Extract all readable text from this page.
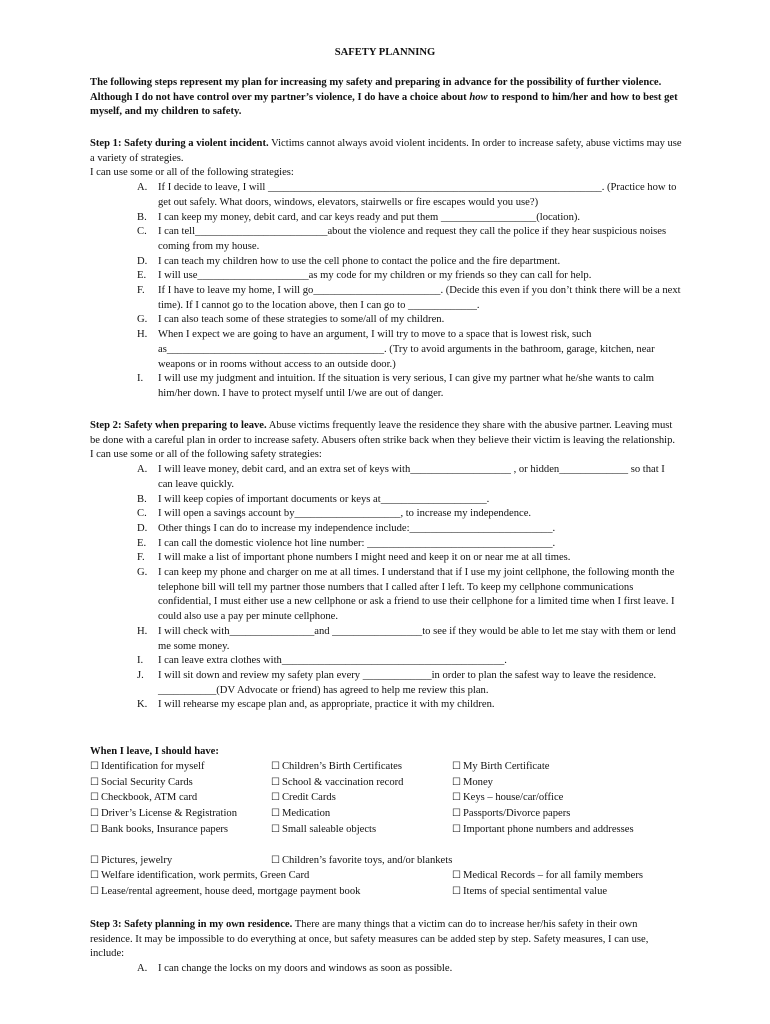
SAFETY PLANNING
The following steps represent my plan for increasing my safety and preparing in advance for the possibility of further violence. Although I do not have control over my partner’s violence, I do have a choice about how to respond to him/her and how to best get myself, and my children to safety.

Step 1: Safety during a violent incident. Victims cannot always avoid violent incidents. In order to increase safety, abuse victims may use a variety of strategies.

I can use some or all of the following strategies:

A. If I decide to leave, I will _______________________________________________________________. (Practice how to get out safely. What doors, windows, elevators, stairwells or fire escapes would you use?)
B. I can keep my money, debit card, and car keys ready and put them __________________(location).
C. I can tell_________________________about the violence and request they call the police if they hear suspicious noises coming from my house.
D. I can teach my children how to use the cell phone to contact the police and the fire department.
E. I will use_____________________as my code for my children or my friends so they can call for help.
F. If I have to leave my home, I will go________________________. (Decide this even if you don’t think there will be a next time). If I cannot go to the location above, then I can go to _____________.
G. I can also teach some of these strategies to some/all of my children.
H. When I expect we are going to have an argument, I will try to move to a space that is lowest risk, such as_________________________________________. (Try to avoid arguments in the bathroom, garage, kitchen, near weapons or in rooms without access to an outside door.)
I. I will use my judgment and intuition. If the situation is very serious, I can give my partner what he/she wants to calm him/her down. I have to protect myself until I/we are out of danger.

Step 2: Safety when preparing to leave. Abuse victims frequently leave the residence they share with the abusive partner. Leaving must be done with a careful plan in order to increase safety. Abusers often strike back when they believe their victim is leaving the relationship.

I can use some or all of the following safety strategies:

A. I will leave money, debit card, and an extra set of keys with___________________ , or hidden_____________ so that I can leave quickly.
B. I will keep copies of important documents or keys at____________________.
C. I will open a savings account by____________________, to increase my independence.
D. Other things I can do to increase my independence include:___________________________.
E. I can call the domestic violence hot line number: ___________________________________.
F. I will make a list of important phone numbers I might need and keep it on or near me at all times.
G. I can keep my phone and charger on me at all times. I understand that if I use my joint cellphone, the following month the telephone bill will tell my partner those numbers that I called after I left. To keep my cellphone communications confidential, I must either use a new cellphone or ask a friend to use their cellphone for a limited time when I first leave. I could also use a pay per minute cellphone.
H. I will check with________________and _________________to see if they would be able to let me stay with them or lend me some money.
I. I can leave extra clothes with__________________________________________.
J. I will sit down and review my safety plan every _____________in order to plan the safest way to leave the residence. ___________(DV Advocate or friend) has agreed to help me review this plan.
K. I will rehearse my escape plan and, as appropriate, practice it with my children.
When I leave, I should have:
☐ Identification for myself	☐ Children’s Birth Certificates	☐ My Birth Certificate
☐ Social Security Cards	☐ School & vaccination record	☐ Money
☐ Checkbook, ATM card	☐ Credit Cards	☐ Keys – house/car/office
☐ Driver’s License & Registration	☐ Medication	☐ Passports/Divorce papers
☐ Bank books, Insurance papers	☐ Small saleable objects	☐ Important phone numbers and addresses
☐ Pictures, jewelry	☐ Children’s favorite toys, and/or blankets
☐ Welfare identification, work permits, Green Card	☐ Medical Records – for all family members
☐ Lease/rental agreement, house deed, mortgage payment book	☐ Items of special sentimental value

Step 3: Safety planning in my own residence. There are many things that a victim can do to increase her/his safety in their own residence. It may be impossible to do everything at once, but safety measures can be added step by step. Safety measures, I can use, include:

A. I can change the locks on my doors and windows as soon as possible.
